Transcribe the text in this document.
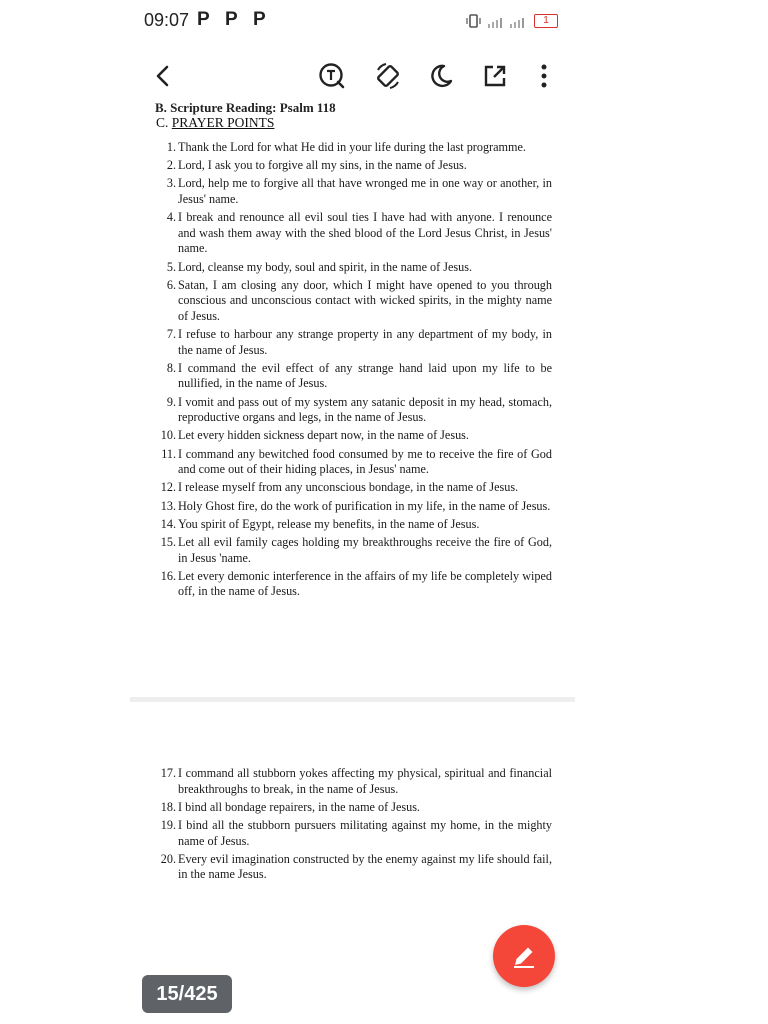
09:07 P P P	1
B. Scripture Reading: Psalm 118
C. PRAYER POINTS
1. Thank the Lord for what He did in your life during the last programme.
2. Lord, I ask you to forgive all my sins, in the name of Jesus.
3. Lord, help me to forgive all that have wronged me in one way or another, in Jesus' name.
4. I break and renounce all evil soul ties I have had with anyone. I renounce and wash them away with the shed blood of the Lord Jesus Christ, in Jesus' name.
5. Lord, cleanse my body, soul and spirit, in the name of Jesus.
6. Satan, I am closing any door, which I might have opened to you through conscious and unconscious contact with wicked spirits, in the mighty name of Jesus.
7. I refuse to harbour any strange property in any department of my body, in the name of Jesus.
8. I command the evil effect of any strange hand laid upon my life to be nullified, in the name of Jesus.
9. I vomit and pass out of my system any satanic deposit in my head, stomach, reproductive organs and legs, in the name of Jesus.
10. Let every hidden sickness depart now, in the name of Jesus.
11. I command any bewitched food consumed by me to receive the fire of God and come out of their hiding places, in Jesus' name.
12. I release myself from any unconscious bondage, in the name of Jesus.
13. Holy Ghost fire, do the work of purification in my life, in the name of Jesus.
14. You spirit of Egypt, release my benefits, in the name of Jesus.
15. Let all evil family cages holding my breakthroughs receive the fire of God, in Jesus 'name.
16. Let every demonic interference in the affairs of my life be completely wiped off, in the name of Jesus.
17. I command all stubborn yokes affecting my physical, spiritual and financial breakthroughs to break, in the name of Jesus.
18. I bind all bondage repairers, in the name of Jesus.
19. I bind all the stubborn pursuers militating against my home, in the mighty name of Jesus.
20. Every evil imagination constructed by the enemy against my life should fail, in the name Jesus.
15/425
